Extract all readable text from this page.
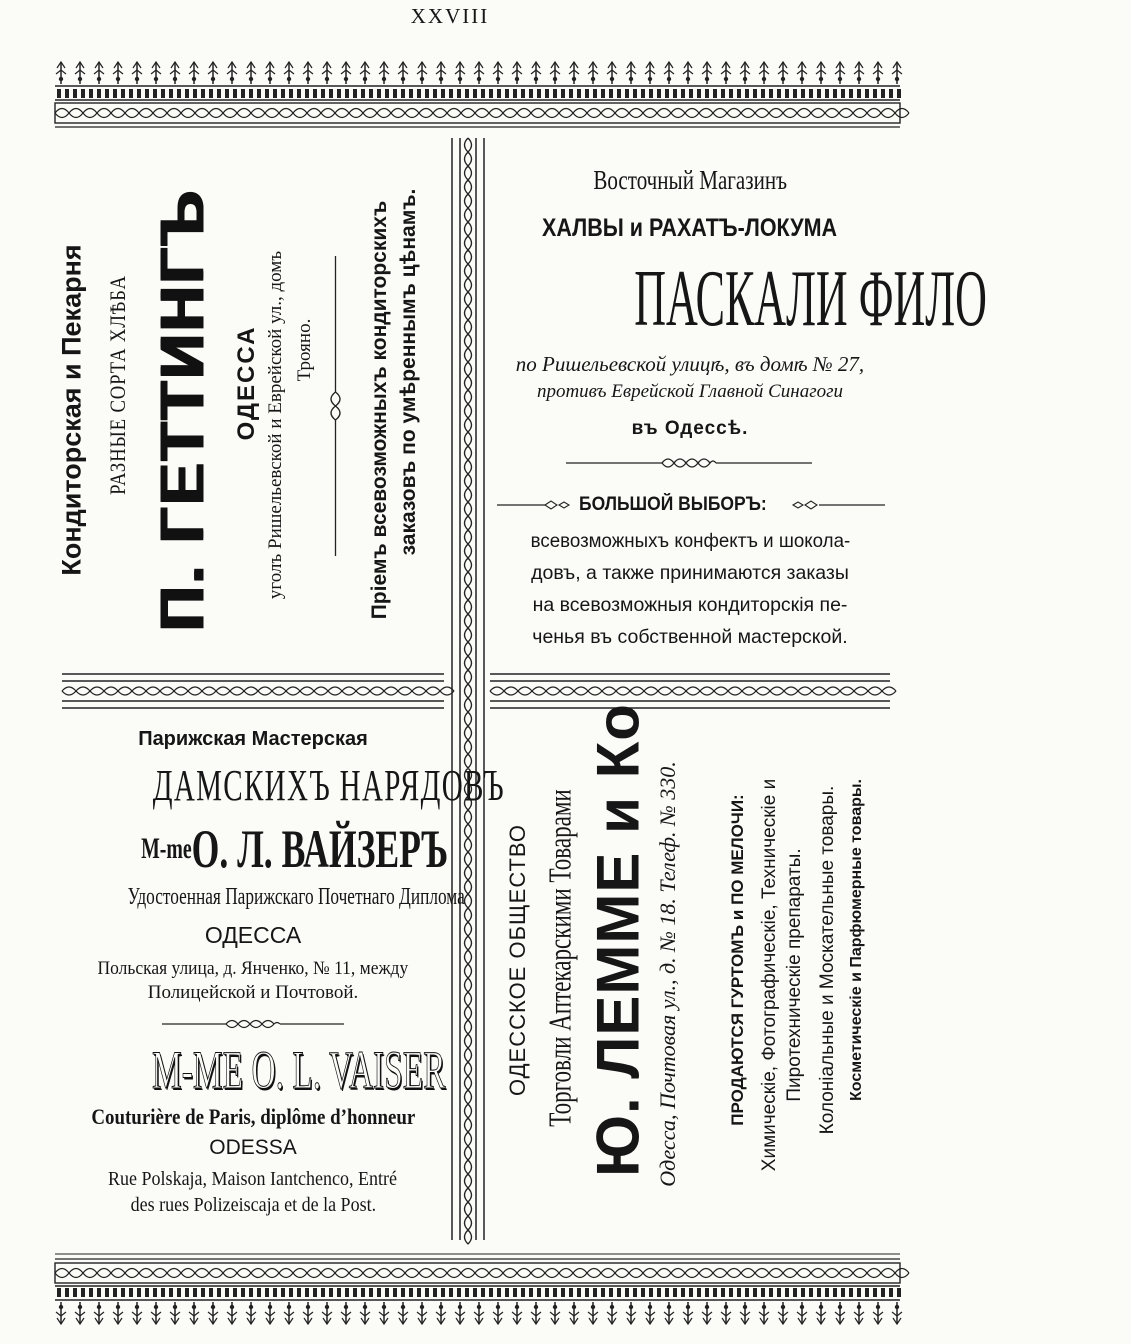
XXVIII
Кондиторская и Пекарня РАЗНЫЕ СОРТА ХЛѢБА П. ГЕТТИНГЪ ОДЕССА уголъ Ришельевской и Еврейской ул., домъ Трояно.	Пріемъ всевозможныхъ кондиторскихъ заказовъ по умѣреннымъ цѣнамъ.
Восточный Магазинъ
ХАЛВЫ и РАХАТЪ-ЛОКУМА
ПАСКАЛИ ФИЛО
по Ришельевской улицѣ, въ домѣ № 27,
противъ Еврейской Главной Синагоги
въ Одессѣ.
БОЛЬШОЙ ВЫБОРЪ:
всевозможныхъ конфектъ и шокола-
довъ, а также принимаются заказы
на всевозможныя кондиторскія пе-
ченья въ собственной мастерской.
Парижская Мастерская
ДАМСКИХЪ НАРЯДОВЪ
$^{М-me}$О. Л. ВАЙЗЕРЪ
Удостоенная Парижскаго Почетнаго Диплома
ОДЕССА
Польская улица, д. Янченко, № 11, между
Полицейской и Почтовой.
M-ME O. L. VAISER
Couturière de Paris, diplôme d’honneur
ODESSA
Rue Polskaja, Maison Iantchenco, Entré
des rues Polizeiscaja et de la Post.
ОДЕССКОЕ ОБЩЕСТВО Торговли Аптекарскими Товарами Ю. ЛЕММЕ и Ко Одесса, Почтовая ул., д. № 18. Телеф. № 330.	ПРОДАЮТСЯ ГУРТОМЪ и ПО МЕЛОЧИ: Химическіе, Фотографическіе, Техническіе и Пиротехническіе препараты. Колоніальные и Москательные товары. Косметическіе и Парфюмерные товары.
